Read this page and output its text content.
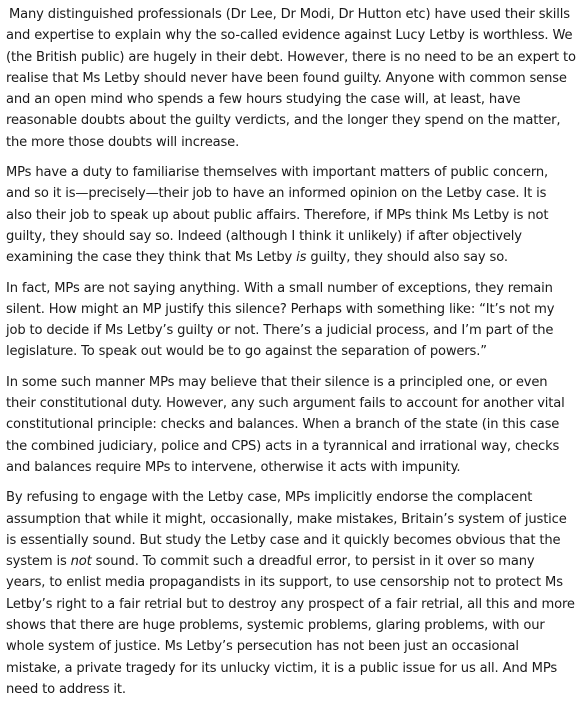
Many distinguished professionals (Dr Lee, Dr Modi, Dr Hutton etc) have used their skills
and expertise to explain why the so-called evidence against Lucy Letby is worthless. We
(the British public) are hugely in their debt. However, there is no need to be an expert to
realise that Ms Letby should never have been found guilty. Anyone with common sense
and an open mind who spends a few hours studying the case will, at least, have
reasonable doubts about the guilty verdicts, and the longer they spend on the matter,
the more those doubts will increase.

MPs have a duty to familiarise themselves with important matters of public concern,
and so it is—precisely—their job to have an informed opinion on the Letby case. It is
also their job to speak up about public affairs. Therefore, if MPs think Ms Letby is not
guilty, they should say so. Indeed (although I think it unlikely) if after objectively
examining the case they think that Ms Letby is guilty, they should also say so.

In fact, MPs are not saying anything. With a small number of exceptions, they remain
silent. How might an MP justify this silence? Perhaps with something like: “It’s not my
job to decide if Ms Letby’s guilty or not. There’s a judicial process, and I’m part of the
legislature. To speak out would be to go against the separation of powers.”

In some such manner MPs may believe that their silence is a principled one, or even
their constitutional duty. However, any such argument fails to account for another vital
constitutional principle: checks and balances. When a branch of the state (in this case
the combined judiciary, police and CPS) acts in a tyrannical and irrational way, checks
and balances require MPs to intervene, otherwise it acts with impunity.

By refusing to engage with the Letby case, MPs implicitly endorse the complacent
assumption that while it might, occasionally, make mistakes, Britain’s system of justice
is essentially sound. But study the Letby case and it quickly becomes obvious that the
system is not sound. To commit such a dreadful error, to persist in it over so many
years, to enlist media propagandists in its support, to use censorship not to protect Ms
Letby’s right to a fair retrial but to destroy any prospect of a fair retrial, all this and more
shows that there are huge problems, systemic problems, glaring problems, with our
whole system of justice. Ms Letby’s persecution has not been just an occasional
mistake, a private tragedy for its unlucky victim, it is a public issue for us all. And MPs
need to address it.
